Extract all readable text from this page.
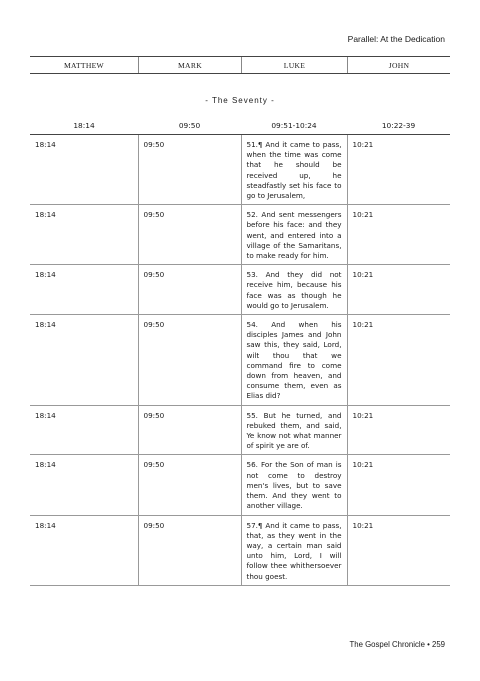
Parallel: At the Dedication
MATTHEW	MARK	LUKE	JOHN
- The Seventy -
18:14	09:50	09:51-10:24	10:22-39
18:14	09:50	51.¶ And it came to pass, when the time was come that he should be received up, he steadfastly set his face to go to Jerusalem,	10:21
18:14	09:50	52. And sent messengers before his face: and they went, and entered into a village of the Samaritans, to make ready for him.	10:21
18:14	09:50	53. And they did not receive him, because his face was as though he would go to Jerusalem.	10:21
18:14	09:50	54. And when his disciples James and John saw this, they said, Lord, wilt thou that we command fire to come down from heaven, and consume them, even as Elias did?	10:21
18:14	09:50	55. But he turned, and rebuked them, and said, Ye know not what manner of spirit ye are of.	10:21
18:14	09:50	56. For the Son of man is not come to destroy men's lives, but to save them. And they went to another village.	10:21
18:14	09:50	57.¶ And it came to pass, that, as they went in the way, a certain man said unto him, Lord, I will follow thee whithersoever thou goest.	10:21
The Gospel Chronicle • 259
